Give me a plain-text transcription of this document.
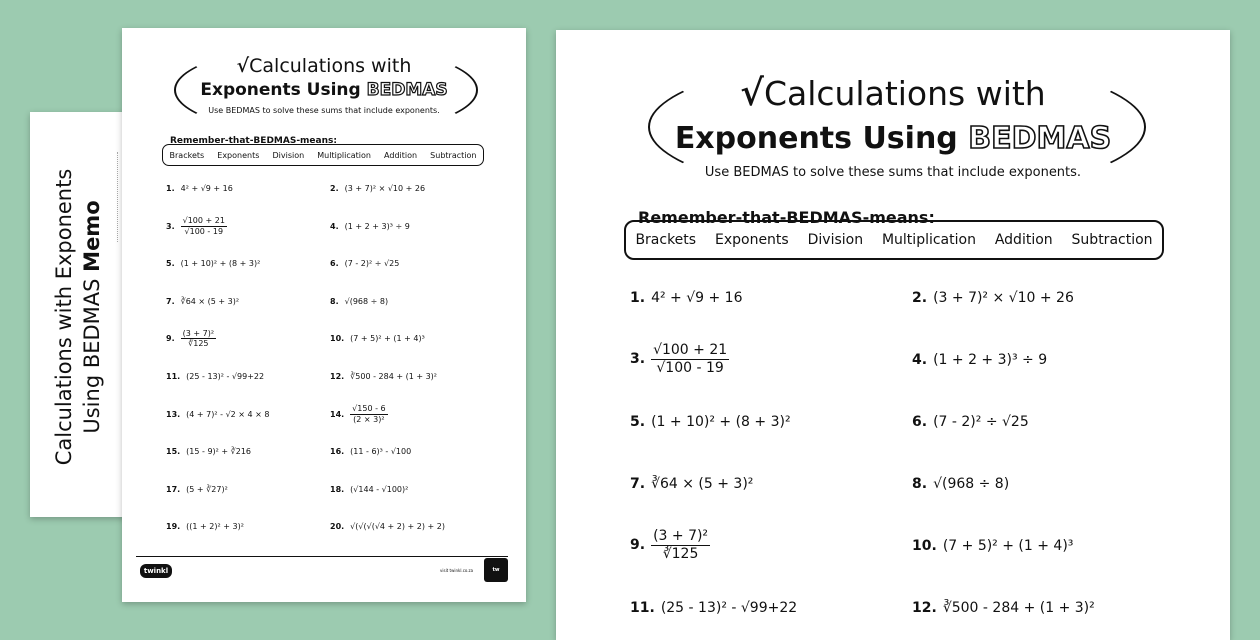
Calculations with Exponents Using BEDMAS Memo
√Calculations with
Exponents Using BEDMAS
Use BEDMAS to solve these sums that include exponents.
Remember-that-BEDMAS-means:
Brackets Exponents Division Multiplication Addition Subtraction
1. 4² + √9 + 16	2. (3 + 7)² × √10 + 26
3. $\frac{√100 + 21}{√100 - 19}$	4. (1 + 2 + 3)³ ÷ 9
5. (1 + 10)² + (8 + 3)²	6. (7 - 2)² ÷ √25
7. ∛64 × (5 + 3)²	8. √(968 ÷ 8)
9. $\frac{\text{(3 + 7)²}}{∛125}$	10. (7 + 5)² + (1 + 4)³
11. (25 - 13)² - √99+22	12. ∛500 - 284 + (1 + 3)²
13. (4 + 7)² - √2 × 4 × 8	14. $\frac{√150 - 6}{\text{(2 × 3)²}}$
15. (15 - 9)² + ∛216	16. (11 - 6)³ - √100
17. (5 + ∛27)²	18. (√144 - √100)²
19. ((1 + 2)² + 3)²	20. √(√(√(√4 + 2) + 2) + 2)
twinkl	visit twinkl.co.za	tw
√Calculations with
Exponents Using BEDMAS
Use BEDMAS to solve these sums that include exponents.
Remember-that-BEDMAS-means:
Brackets Exponents Division Multiplication Addition Subtraction
1. 4² + √9 + 16	2. (3 + 7)² × √10 + 26
3. $\frac{√100 + 21}{√100 - 19}$	4. (1 + 2 + 3)³ ÷ 9
5. (1 + 10)² + (8 + 3)²	6. (7 - 2)² ÷ √25
7. ∛64 × (5 + 3)²	8. √(968 ÷ 8)
9. $\frac{\text{(3 + 7)²}}{∛125}$	10. (7 + 5)² + (1 + 4)³
11. (25 - 13)² - √99+22	12. ∛500 - 284 + (1 + 3)²
